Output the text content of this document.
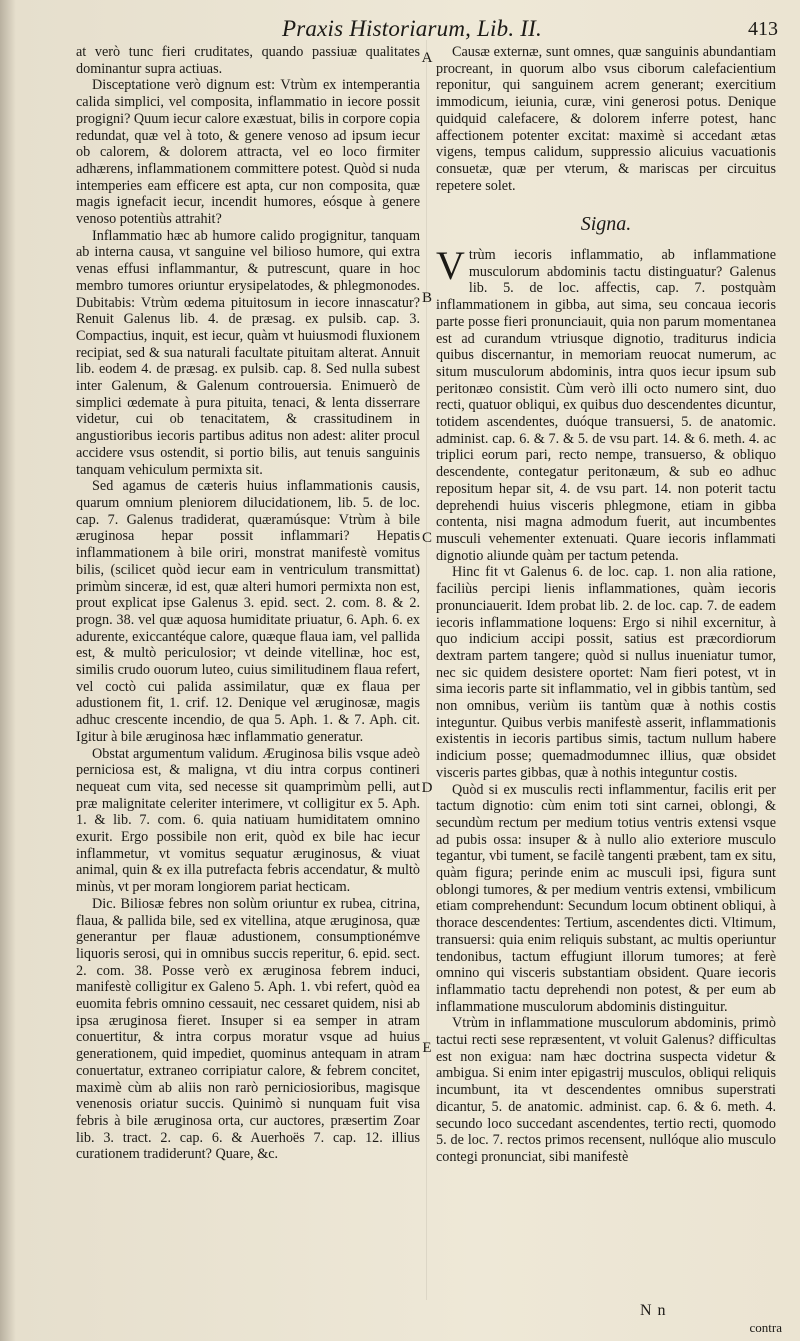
Praxis Historiarum, Lib. II.	413

at verò tunc fieri cruditates, quando passiuæ qualitates dominantur supra actiuas.

Disceptatione verò dignum est: Vtrùm ex intemperantia calida simplici, vel composita, inflammatio in iecore possit progigni? Quum iecur calore exæstuat, bilis in corpore copia redundat, quæ vel à toto, & genere venoso ad ipsum iecur ob calorem, & dolorem attracta, vel eo loco firmiter adhærens, inflammationem committere potest. Quòd si nuda intemperies eam efficere est apta, cur non composita, quæ magis ignefacit iecur, incendit humores, eósque à genere venoso potentiùs attrahit?

Inflammatio hæc ab humore calido progignitur, tanquam ab interna causa, vt sanguine vel bilioso humore, qui extra venas effusi inflammantur, & putrescunt, quare in hoc membro tumores oriuntur erysipelatodes, & phlegmonodes. Dubitabis: Vtrùm œdema pituitosum in iecore innascatur? Renuit Galenus lib. 4. de præsag. ex pulsib. cap. 3. Compactius, inquit, est iecur, quàm vt huiusmodi fluxionem recipiat, sed & sua naturali facultate pituitam alterat. Annuit lib. eodem 4. de præsag. ex pulsib. cap. 8. Sed nulla subest inter Galenum, & Galenum controuersia. Enimuerò de simplici œdemate à pura pituita, tenaci, & lenta disserrare videtur, cui ob tenacitatem, & crassitudinem in angustioribus iecoris partibus aditus non adest: aliter procul accidere vsus ostendit, si portio bilis, aut tenuis sanguinis tanquam vehiculum permixta sit.

Sed agamus de cæteris huius inflammationis causis, quarum omnium pleniorem dilucidationem, lib. 5. de loc. cap. 7. Galenus tradiderat, quæramúsque: Vtrùm à bile æruginosa hepar possit inflammari? Hepatis inflammationem à bile oriri, monstrat manifestè vomitus bilis, (scilicet quòd iecur eam in ventriculum transmittat) primùm sinceræ, id est, quæ alteri humori permixta non est, prout explicat ipse Galenus 3. epid. sect. 2. com. 8. & 2. progn. 38. vel quæ aquosa humiditate priuatur, 6. Aph. 6. ex adurente, exiccantéque calore, quæque flaua iam, vel pallida est, & multò periculosior; vt deinde vitellinæ, hoc est, similis crudo ouorum luteo, cuius similitudinem flaua refert, vel coctò cui palida assimilatur, quæ ex flaua per adustionem fit, 1. crif. 12. Denique vel æruginosæ, magis adhuc crescente incendio, de qua 5. Aph. 1. & 7. Aph. cit. Igitur à bile æruginosa hæc inflammatio generatur.

Obstat argumentum validum. Æruginosa bilis vsque adeò perniciosa est, & maligna, vt diu intra corpus contineri nequeat cum vita, sed necesse sit quamprimùm pelli, aut præ malignitate celeriter interimere, vt colligitur ex 5. Aph. 1. & lib. 7. com. 6. quia natiuam humiditatem omnino exurit. Ergo possibile non erit, quòd ex bile hac iecur inflammetur, vt vomitus sequatur æruginosus, & viuat animal, quin & ex illa putrefacta febris accendatur, & multò minùs, vt per moram longiorem pariat hecticam.

Dic. Biliosæ febres non solùm oriuntur ex rubea, citrina, flaua, & pallida bile, sed ex vitellina, atque æruginosa, quæ generantur per flauæ adustionem, consumptionémve liquoris serosi, qui in omnibus succis reperitur, 6. epid. sect. 2. com. 38. Posse verò ex æruginosa febrem induci, manifestè colligitur ex Galeno 5. Aph. 1. vbi refert, quòd ea euomita febris omnino cessauit, nec cessaret quidem, nisi ab ipsa æruginosa fieret. Insuper si ea semper in atram conuertitur, & intra corpus moratur vsque ad huius generationem, quid impediet, quominus antequam in atram conuertatur, extraneo corripiatur calore, & febrem concitet, maximè cùm ab aliis non rarò perniciosioribus, magisque venenosis oriatur succis. Quinimò si nunquam fuit visa febris à bile æruginosa orta, cur auctores, præsertim Zoar lib. 3. tract. 2. cap. 6. & Auerhoës 7. cap. 12. illius curationem tradiderunt? Quare, &c.

Causæ externæ, sunt omnes, quæ sanguinis abundantiam procreant, in quorum albo vsus ciborum calefacientium reponitur, qui sanguinem acrem generant; exercitium immodicum, ieiunia, curæ, vini generosi potus. Denique quidquid calefacere, & dolorem inferre potest, hanc affectionem potenter excitat: maximè si accedant ætas vigens, tempus calidum, suppressio alicuius vacuationis consuetæ, quæ per vterum, & mariscas per circuitus repetere solet.

Signa.

Vtrùm iecoris inflammatio, ab inflammatione musculorum abdominis tactu distinguatur? Galenus lib. 5. de loc. affectis, cap. 7. postquàm inflammationem in gibba, aut sima, seu concaua iecoris parte posse fieri pronunciauit, quia non parum momentanea est ad curandum vtriusque dignotio, traditurus indicia quibus discernantur, in memoriam reuocat numerum, ac situm musculorum abdominis, intra quos iecur ipsum sub peritonæo consistit. Cùm verò illi octo numero sint, duo recti, quatuor obliqui, ex quibus duo descendentes dicuntur, totidem ascendentes, duóque transuersi, 5. de anatomic. administ. cap. 6. & 7. & 5. de vsu part. 14. & 6. meth. 4. ac triplici eorum pari, recto nempe, transuerso, & obliquo descendente, contegatur peritonæum, & sub eo adhuc repositum hepar sit, 4. de vsu part. 14. non poterit tactu deprehendi huius visceris phlegmone, etiam in gibba contenta, nisi magna admodum fuerit, aut incumbentes musculi vehementer extenuati. Quare iecoris inflammati dignotio aliunde quàm per tactum petenda.

Hinc fit vt Galenus 6. de loc. cap. 1. non alia ratione, faciliùs percipi lienis inflammationes, quàm iecoris pronunciauerit. Idem probat lib. 2. de loc. cap. 7. de eadem iecoris inflammatione loquens: Ergo si nihil excernitur, à quo indicium accipi possit, satius est præcordiorum dextram partem tangere; quòd si nullus inueniatur tumor, nec sic quidem desistere oportet: Nam fieri potest, vt in sima iecoris parte sit inflammatio, vel in gibbis tantùm, sed non omnibus, veriùm iis tantùm quæ à nothis costis integuntur. Quibus verbis manifestè asserit, inflammationis existentis in iecoris partibus simis, tactum nullum habere indicium posse; quemadmodumnec illius, quæ obsidet visceris partes gibbas, quæ à nothis integuntur costis.

Quòd si ex musculis recti inflammentur, facilis erit per tactum dignotio: cùm enim toti sint carnei, oblongi, & secundùm rectum per medium totius ventris extensi vsque ad pubis ossa: insuper & à nullo alio exteriore musculo tegantur, vbi tument, se facilè tangenti præbent, tam ex situ, quàm figura; perinde enim ac musculi ipsi, figura sunt oblongi tumores, & per medium ventris extensi, vmbilicum etiam comprehendunt: Secundum locum obtinent obliqui, à thorace descendentes: Tertium, ascendentes dicti. Vltimum, transuersi: quia enim reliquis substant, ac multis operiuntur tendonibus, tactum effugiunt illorum tumores; at ferè omnino qui visceris substantiam obsident. Quare iecoris inflammatio tactu deprehendi non potest, & per eum ab inflammatione musculorum abdominis distinguitur.

Vtrùm in inflammatione musculorum abdominis, primò tactui recti sese repræsentent, vt voluit Galenus? difficultas est non exigua: nam hæc doctrina suspecta videtur & ambigua. Si enim inter epigastrij musculos, obliqui reliquis incumbunt, ita vt descendentes omnibus superstrati dicantur, 5. de anatomic. administ. cap. 6. & 6. meth. 4. secundo loco succedant ascendentes, tertio recti, quomodo 5. de loc. 7. rectos primos recensent, nullóque alio musculo contegi pronunciat, sibi manifestè

A
B
C
D
E
N n
contra
